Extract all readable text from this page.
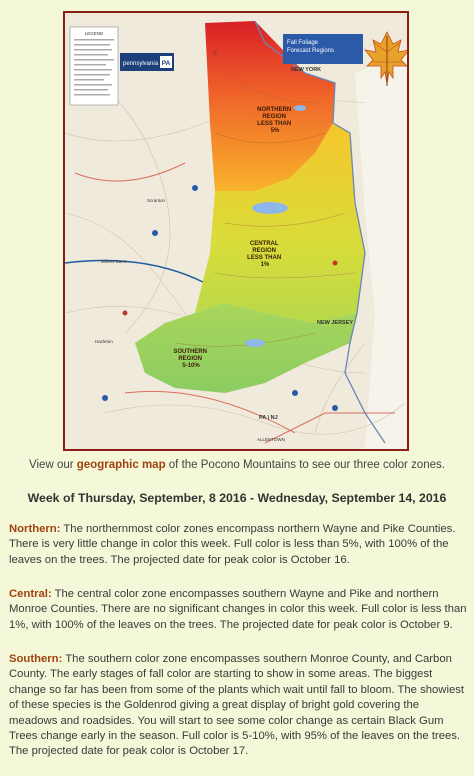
LEGEND
pennsylvania PA
Fall Foliage Forecast Regions
NEW YORK
NEW JERSEY
PA | NJ
Scranton
Wilkes-Barre
Hazleton
ALLENTOWN
NORTHERN REGION LESS THAN 5%
CENTRAL REGION LESS THAN 1%
SOUTHERN REGION 5-10%
View our geographic map of the Pocono Mountains to see our three color zones.
Week of Thursday, September, 8 2016 - Wednesday, September 14, 2016
Northern: The northernmost color zones encompass northern Wayne and Pike Counties. There is very little change in color this week. Full color is less than 5%, with 100% of the leaves on the trees. The projected date for peak color is October 16.
Central: The central color zone encompasses southern Wayne and Pike and northern Monroe Counties. There are no significant changes in color this week. Full color is less than 1%, with 100% of the leaves on the trees. The projected date for peak color is October 9.
Southern: The southern color zone encompasses southern Monroe County, and Carbon County. The early stages of fall color are starting to show in some areas. The biggest change so far has been from some of the plants which wait until fall to bloom. The showiest of these species is the Goldenrod giving a great display of bright gold covering the meadows and roadsides. You will start to see some color change as certain Black Gum Trees change early in the season. Full color is 5-10%, with 95% of the leaves on the trees. The projected date for peak color is October 17.
